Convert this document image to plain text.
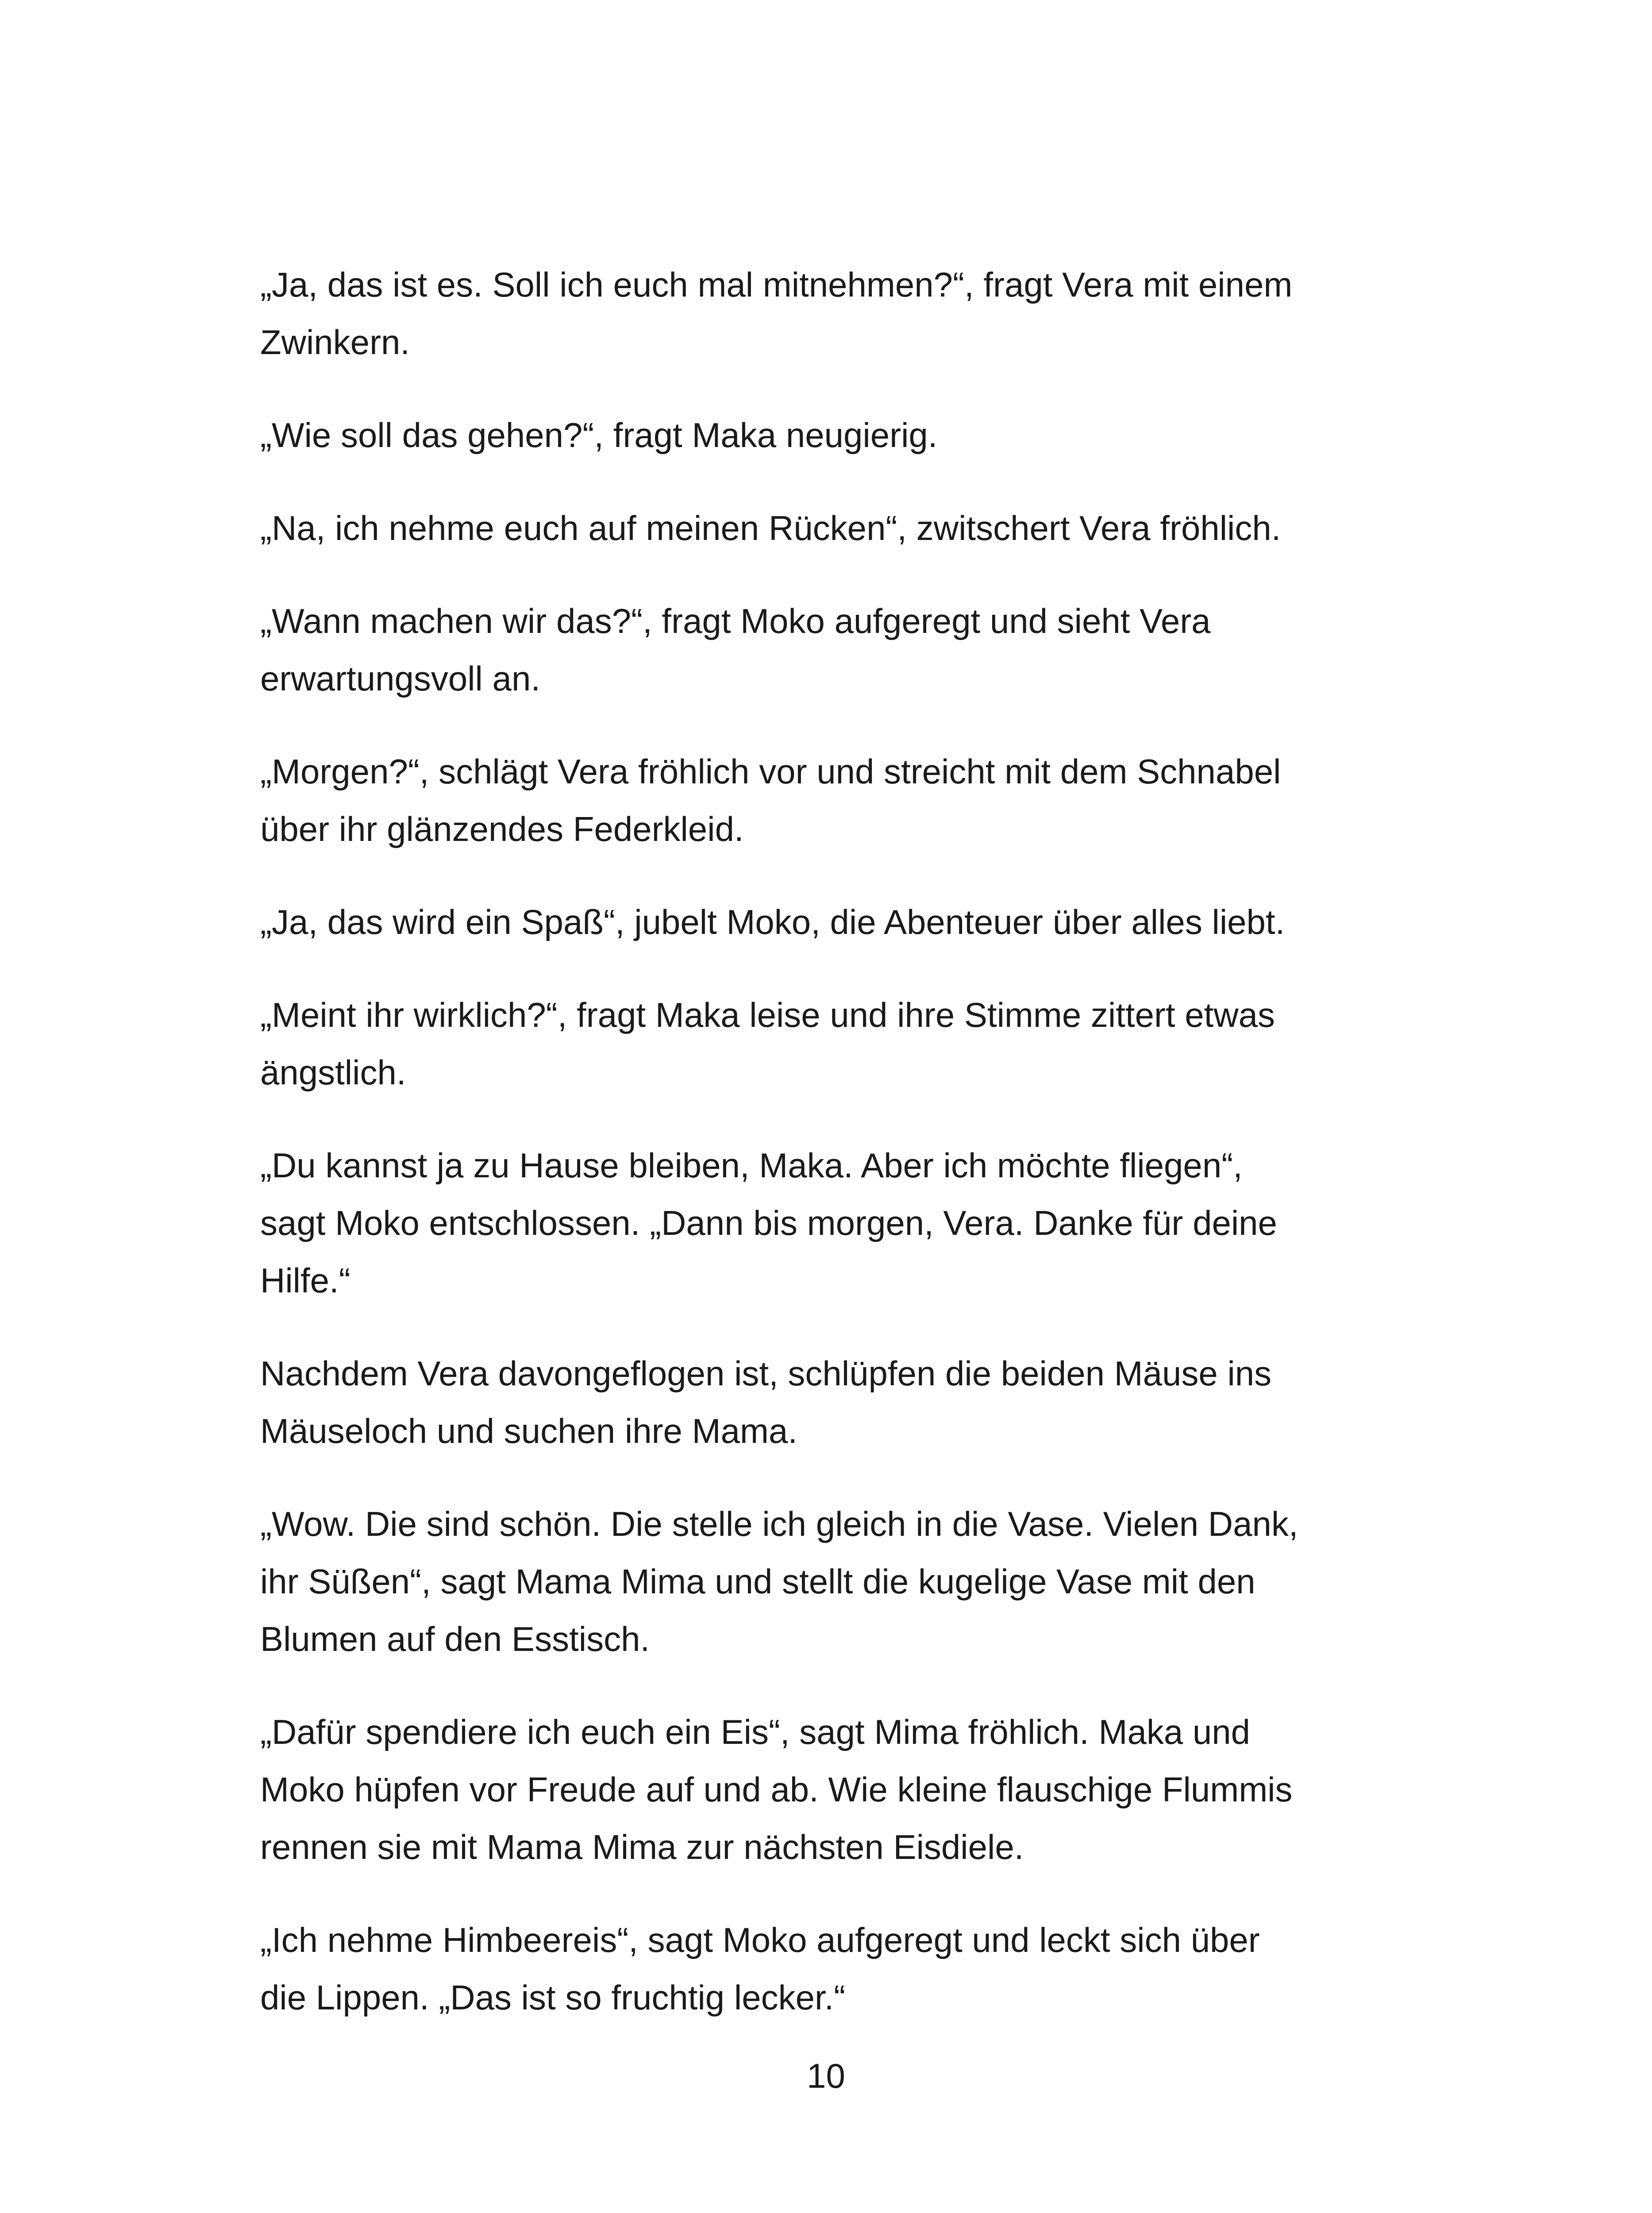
„Ja, das ist es. Soll ich euch mal mitnehmen?“, fragt Vera mit einem
Zwinkern.

„Wie soll das gehen?“, fragt Maka neugierig.

„Na, ich nehme euch auf meinen Rücken“, zwitschert Vera fröhlich.

„Wann machen wir das?“, fragt Moko aufgeregt und sieht Vera
erwartungsvoll an.

„Morgen?“, schlägt Vera fröhlich vor und streicht mit dem Schnabel
über ihr glänzendes Federkleid.

„Ja, das wird ein Spaß“, jubelt Moko, die Abenteuer über alles liebt.

„Meint ihr wirklich?“, fragt Maka leise und ihre Stimme zittert etwas
ängstlich.

„Du kannst ja zu Hause bleiben, Maka. Aber ich möchte fliegen“,
sagt Moko entschlossen. „Dann bis morgen, Vera. Danke für deine
Hilfe.“

Nachdem Vera davongeflogen ist, schlüpfen die beiden Mäuse ins
Mäuseloch und suchen ihre Mama.

„Wow. Die sind schön. Die stelle ich gleich in die Vase. Vielen Dank,
ihr Süßen“, sagt Mama Mima und stellt die kugelige Vase mit den
Blumen auf den Esstisch.

„Dafür spendiere ich euch ein Eis“, sagt Mima fröhlich. Maka und
Moko hüpfen vor Freude auf und ab. Wie kleine flauschige Flummis
rennen sie mit Mama Mima zur nächsten Eisdiele.

„Ich nehme Himbeereis“, sagt Moko aufgeregt und leckt sich über
die Lippen. „Das ist so fruchtig lecker.“

10
